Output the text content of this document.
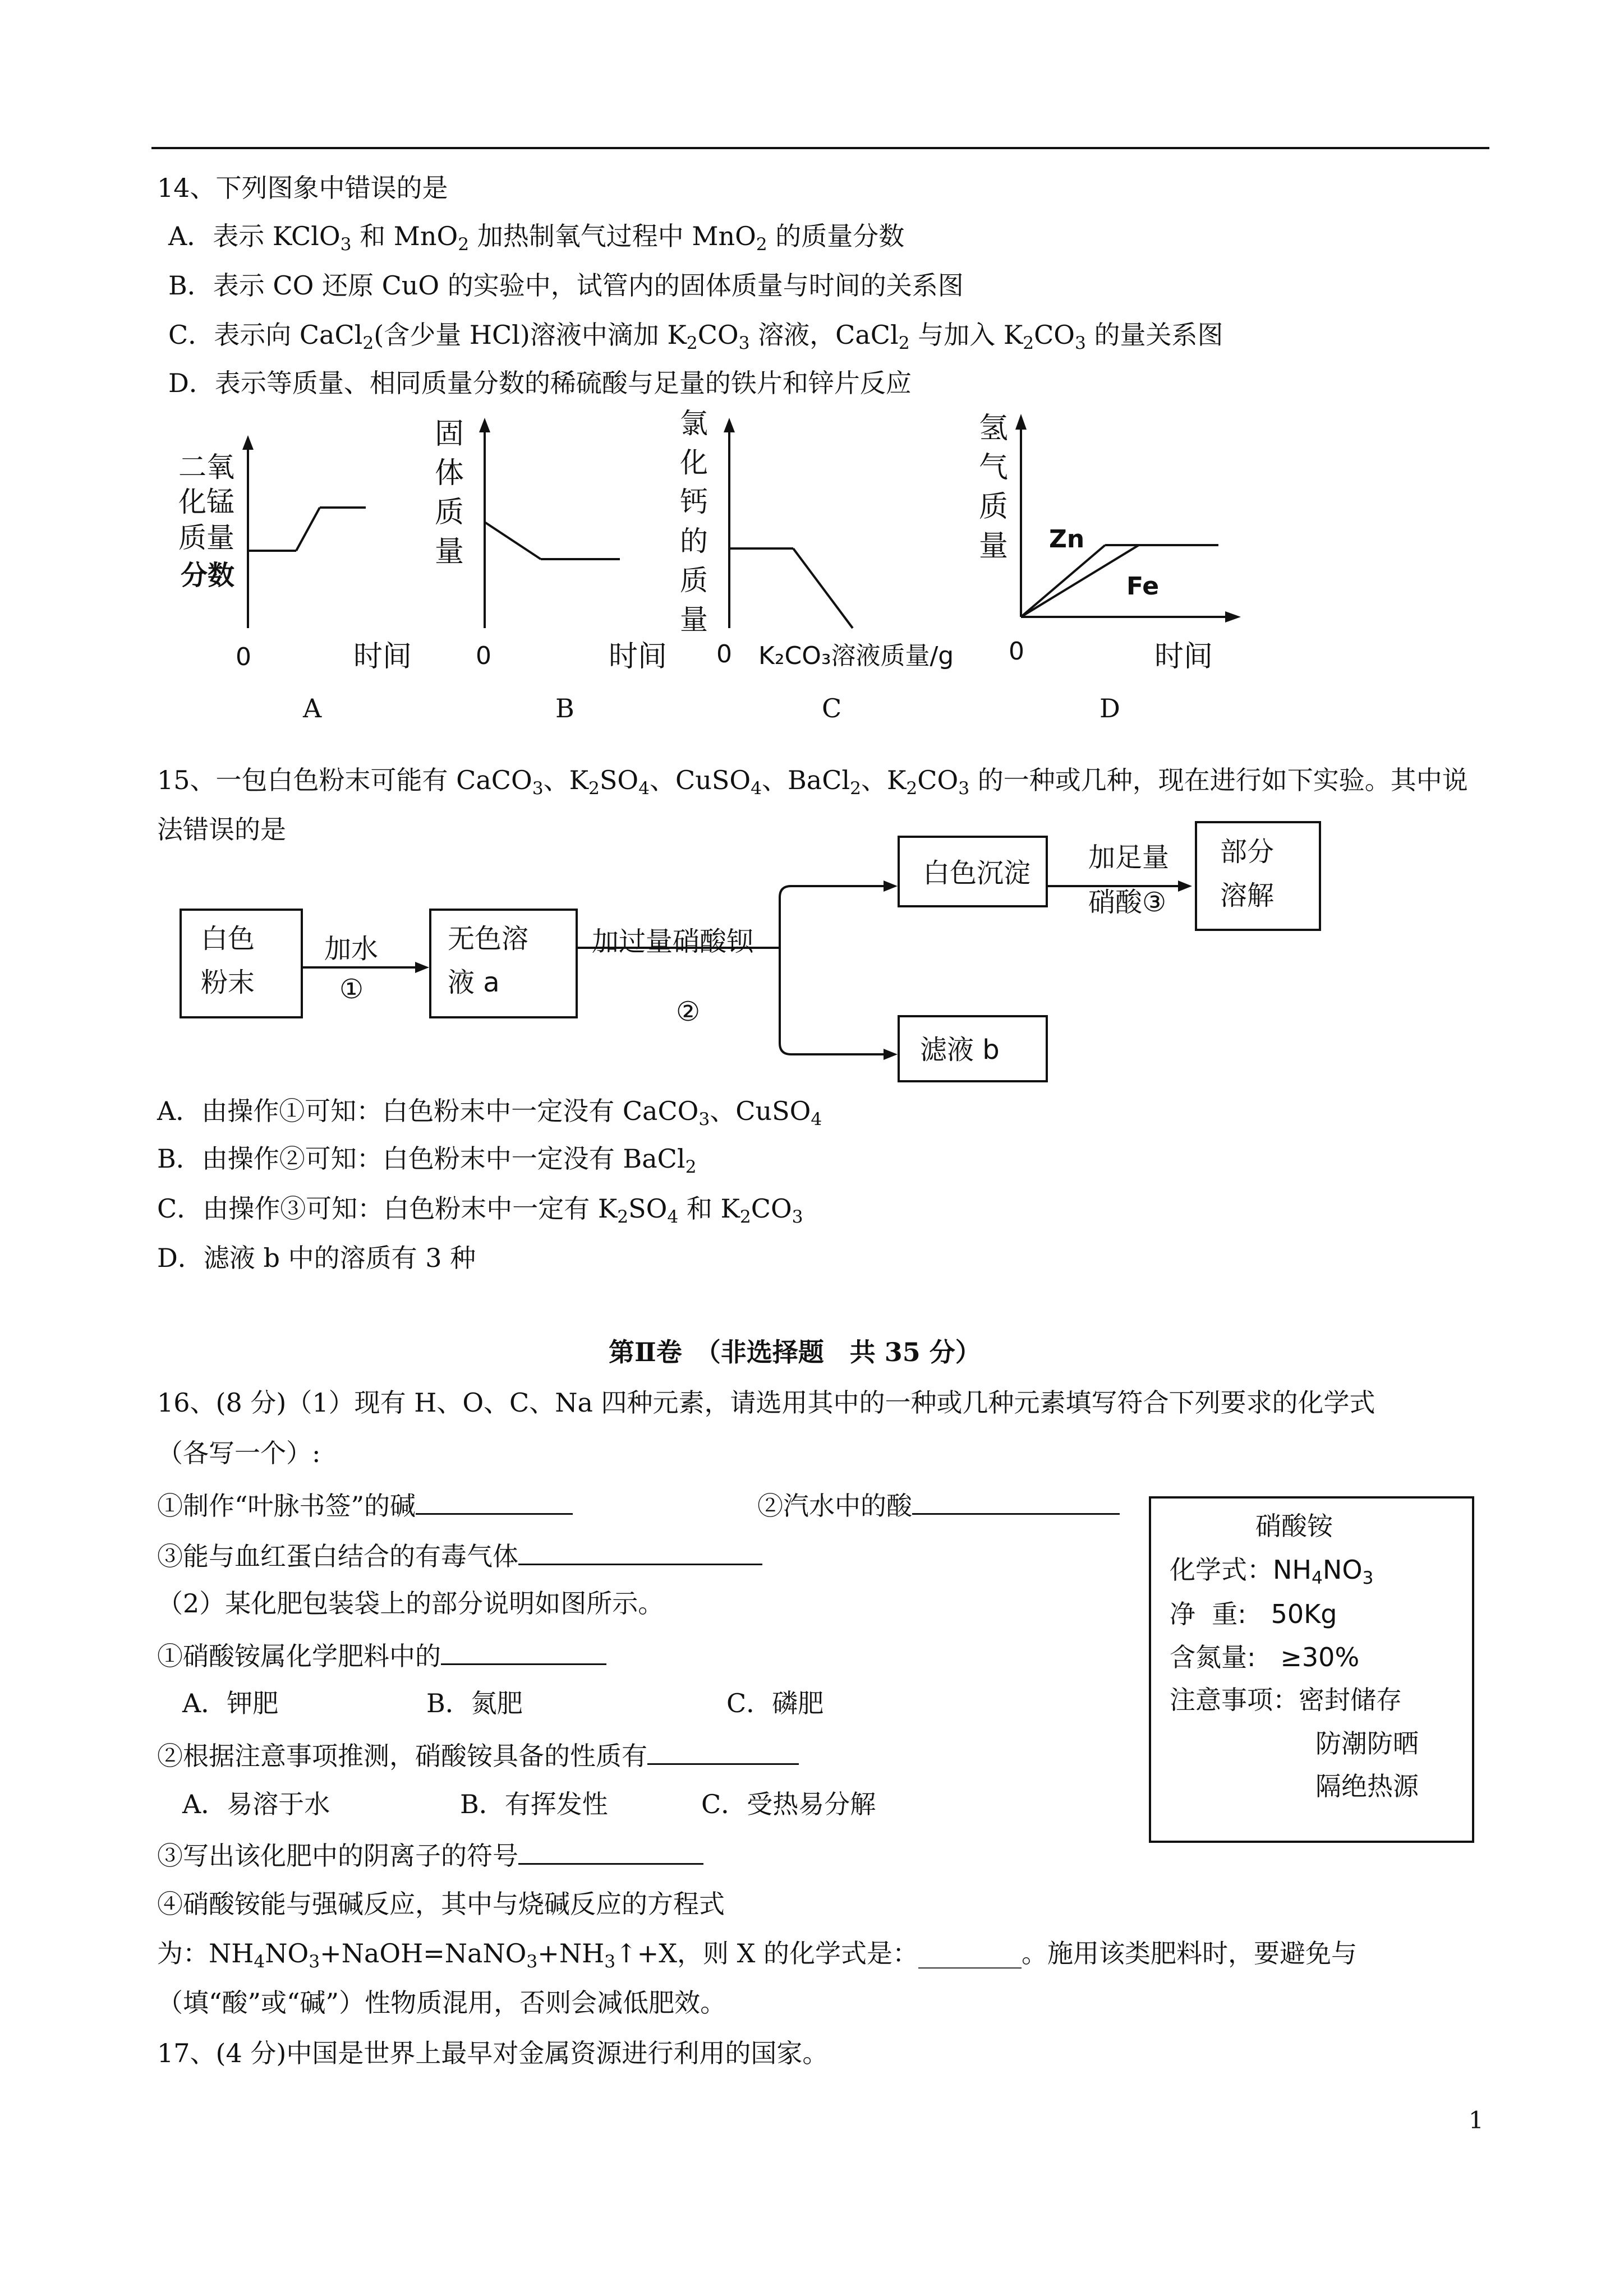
14、下列图象中错误的是
A．表示 KClO3 和 MnO2 加热制氧气过程中 MnO2 的质量分数
B．表示 CO 还原 CuO 的实验中，试管内的固体质量与时间的关系图
C．表示向 CaCl2(含少量 HCl)溶液中滴加 K2CO3 溶液，CaCl2 与加入 K2CO3 的量关系图
D．表示等质量、相同质量分数的稀硫酸与足量的铁片和锌片反应
二氧
化锰
质量
分数
0	时间
A
固
体
质
量
0	时间
B
氯
化
钙
的
质
量
0 K₂CO₃溶液质量/g
C
氢
气
质
量 Zn
Fe
0	时间
D
15、一包白色粉末可能有 CaCO3、K2SO4、CuSO4、BaCl2、K2CO3 的一种或几种，现在进行如下实验。其中说
法错误的是
白色
粉末
加水
①
无色溶
液 a
加过量硝酸钡
②
白色沉淀 加足量
硝酸③
部分
溶解
滤液 b
A．由操作①可知：白色粉末中一定没有 CaCO3、CuSO4
B．由操作②可知：白色粉末中一定没有 BaCl2
C．由操作③可知：白色粉末中一定有 K2SO4 和 K2CO3
D．滤液 b 中的溶质有 3 种
第Ⅱ卷　（非选择题　共 35 分）
16、(8 分)（1）现有 H、O、C、Na 四种元素，请选用其中的一种或几种元素填写符合下列要求的化学式
（各写一个）:
①制作“叶脉书签”的碱	②汽水中的酸
③能与血红蛋白结合的有毒气体
（2）某化肥包装袋上的部分说明如图所示。
①硝酸铵属化学肥料中的
A．钾肥	B．氮肥	C．磷肥
②根据注意事项推测，硝酸铵具备的性质有
A．易溶于水	B．有挥发性	C．受热易分解
③写出该化肥中的阴离子的符号
④硝酸铵能与强碱反应，其中与烧碱反应的方程式
为：NH4NO3+NaOH=NaNO3+NH3↑+X，则 X 的化学式是：________。施用该类肥料时，要避免与
（填“酸”或“碱”）性物质混用，否则会减低肥效。
硝酸铵
化学式：NH4NO3
净  重:   50Kg
含氮量:   ≥30%
注意事项：密封储存
防潮防晒
隔绝热源
17、(4 分)中国是世界上最早对金属资源进行利用的国家。
1
